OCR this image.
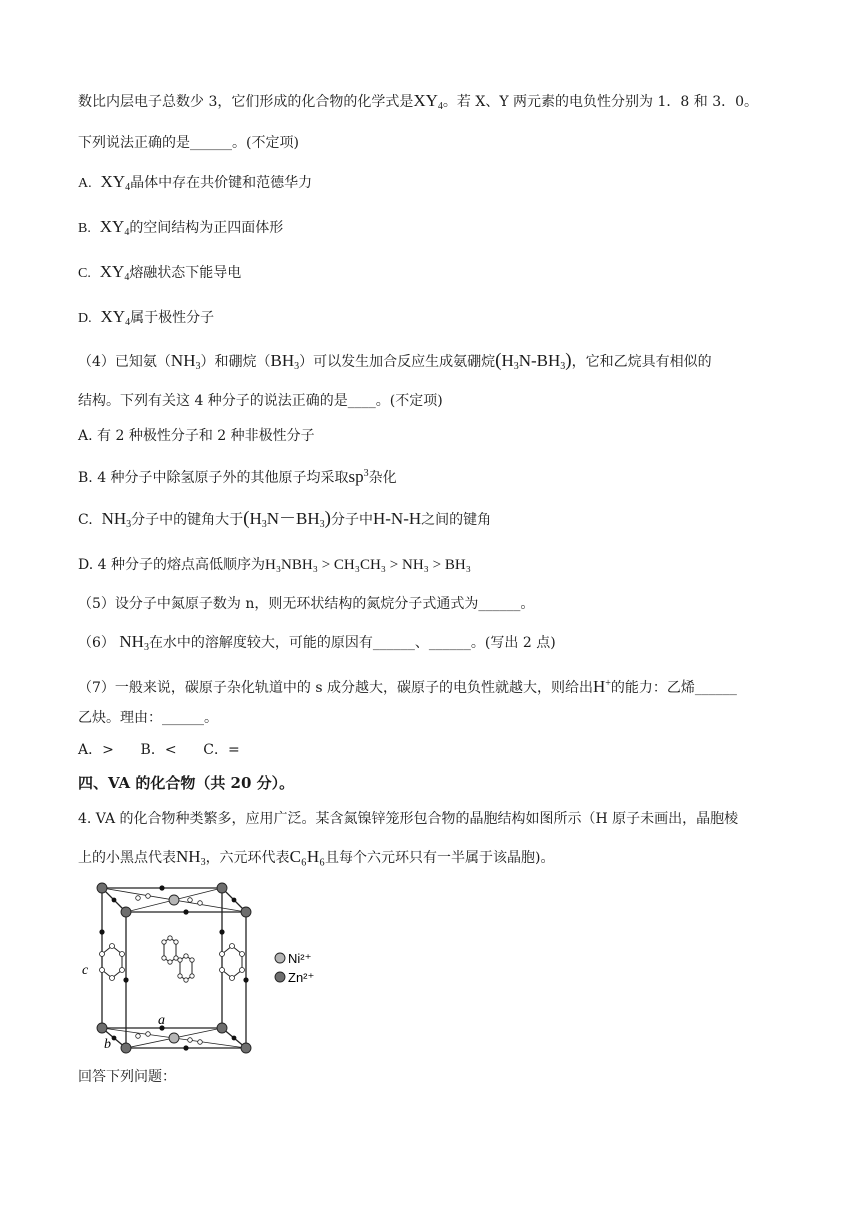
数比内层电子总数少 3，它们形成的化合物的化学式是$XY_4$。若 X、Y 两元素的电负性分别为 1．8 和 3．0。
下列说法正确的是______。(不定项)
A. $XY_4$晶体中存在共价键和范德华力
B. $XY_4$的空间结构为正四面体形
C. $XY_4$熔融状态下能导电
D. $XY_4$属于极性分子
（4）已知氨$(NH_3)$和硼烷$(BH_3)$可以发生加合反应生成氨硼烷$(H_3N-BH_3)$，它和乙烷具有相似的
结构。下列有关这 4 种分子的说法正确的是____。(不定项)
A. 有 2 种极性分子和 2 种非极性分子
B. 4 种分子中除氢原子外的其他原子均采取$sp^3$杂化
C. $NH_3$分子中的键角大于$(H_3N-BH_3)$分子中H-N-H之间的键角
D. 4 种分子的熔点高低顺序为H₃NBH₃ > CH₃CH₃ > NH₃ > BH₃
（5）设分子中氮原子数为 n，则无环状结构的氮烷分子式通式为______。
（6） $NH_3$在水中的溶解度较大，可能的原因有______、______。(写出 2 点)
（7）一般来说，碳原子杂化轨道中的 s 成分越大，碳原子的电负性就越大，则给出H+的能力：乙烯______
乙炔。理由：______。
A．>      B．<      C．=
四、VA 的化合物（共 20 分）。
4. VA 的化合物种类繁多，应用广泛。某含氮镍锌笼形包合物的晶胞结构如图所示（H 原子未画出，晶胞棱
上的小黑点代表$NH_3$，六元环代表C₆H₆且每个六元环只有一半属于该晶胞)。
c
a
b
Ni²⁺
Zn²⁺
回答下列问题：
